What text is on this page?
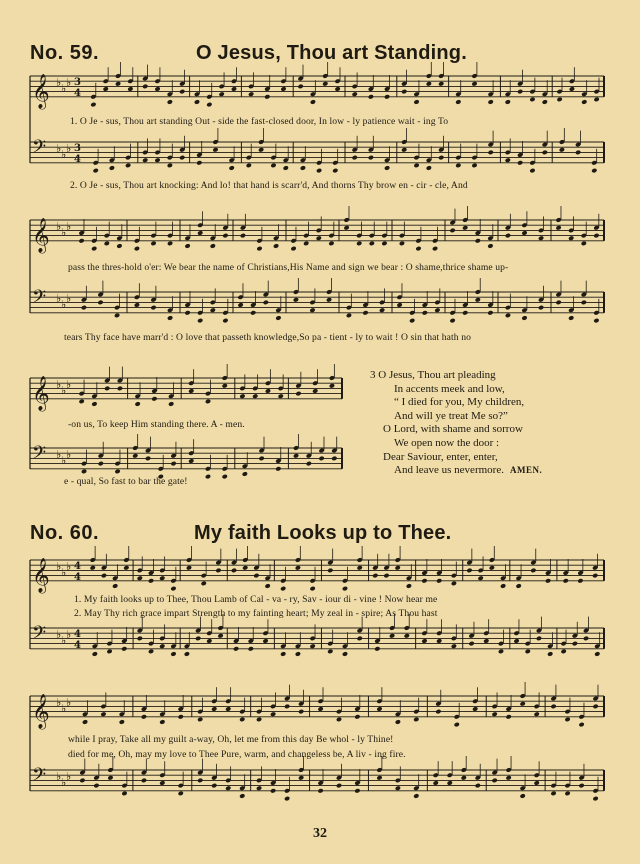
𝄞 ♭ ♭ ♭ 3
4
𝄢 ♭ ♭ ♭ 3
4
𝄞 ♭ ♭ ♭
𝄢 ♭ ♭ ♭
𝄞 ♭ ♭ ♭
𝄢 ♭ ♭ ♭
𝄞 ♭ ♭ ♭ 4
4
𝄢 ♭ ♭ ♭ 4
4
𝄞 ♭ ♭ ♭
𝄢 ♭ ♭ ♭
No. 59.	O Jesus, Thou art Standing.
1. O Je - sus, Thou art standing Out - side the fast-closed door, In low - ly patience wait - ing To
2. O Je - sus, Thou art knocking: And lo! that hand is scarr'd, And thorns Thy brow en - cir - cle, And
pass the thres-hold o'er: We bear the name of Christians,His Name and sign we bear : O shame,thrice shame up-
tears Thy face have marr'd : O love that passeth knowledge,So pa - tient - ly to wait ! O sin that hath no
-on us, To keep Him standing there. A - men.
e - qual, So fast to bar the gate!
3 O Jesus, Thou art pleading
In accents meek and low,
“ I died for you, My children,
And will ye treat Me so?”
O Lord, with shame and sorrow
We open now the door :
Dear Saviour, enter, enter,
And leave us nevermore. AMEN.
No. 60.	My faith Looks up to Thee.
1. My faith looks up to Thee, Thou Lamb of Cal - va - ry, Sav - iour di - vine ! Now hear me
2. May Thy rich grace impart Strength to my fainting heart; My zeal in - spire; As Thou hast
while I pray, Take all my guilt a-way, Oh, let me from this day Be whol - ly Thine!
died for me, Oh, may my love to Thee Pure, warm, and changeless be, A liv - ing fire.
32
